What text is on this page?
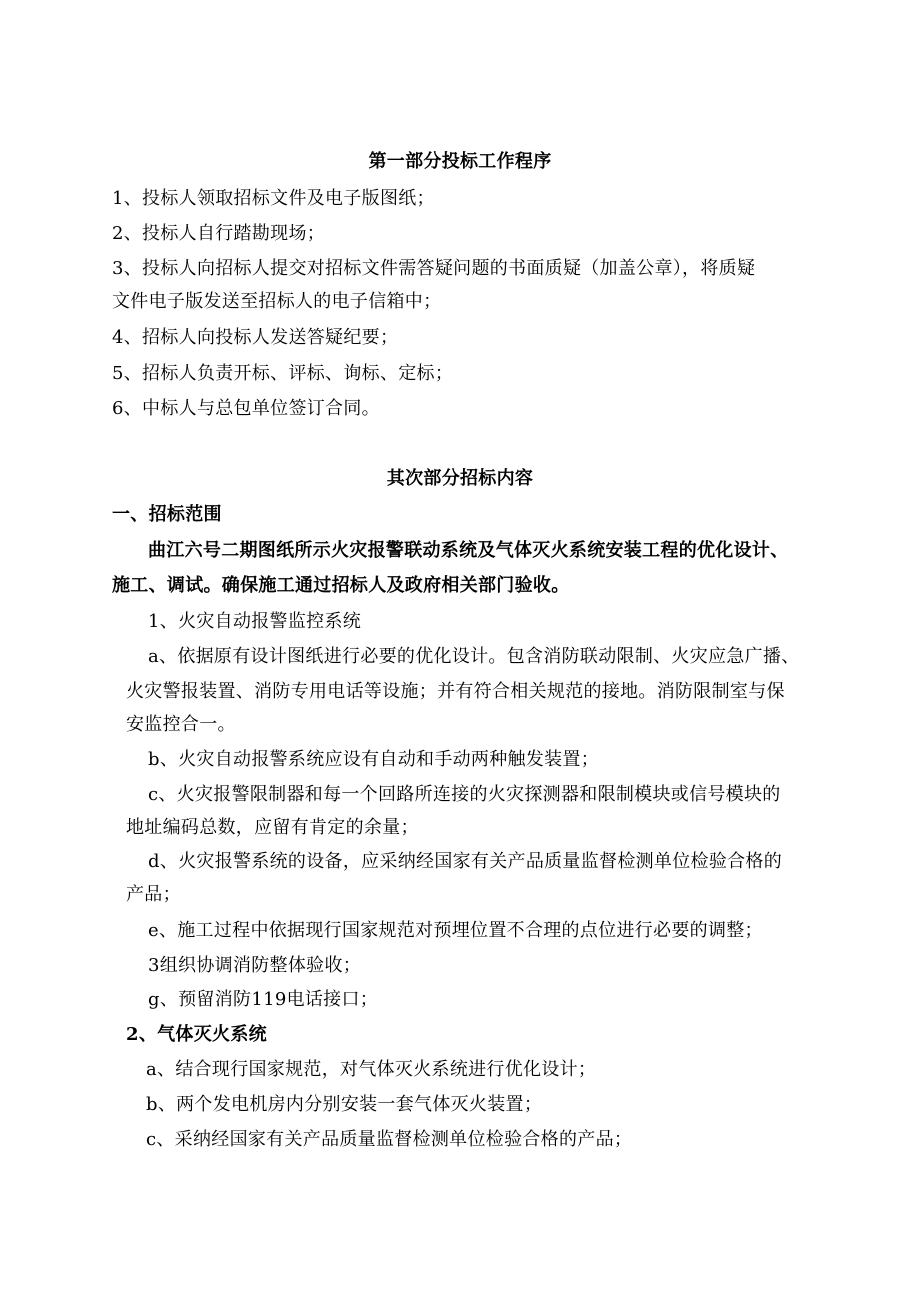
第一部分投标工作程序
1、投标人领取招标文件及电子版图纸；
2、投标人自行踏勘现场；
3、投标人向招标人提交对招标文件需答疑问题的书面质疑（加盖公章），将质疑
文件电子版发送至招标人的电子信箱中；
4、招标人向投标人发送答疑纪要；
5、招标人负责开标、评标、询标、定标；
6、中标人与总包单位签订合同。
其次部分招标内容
一、招标范围
曲江六号二期图纸所示火灾报警联动系统及气体灭火系统安装工程的优化设计、
施工、调试。确保施工通过招标人及政府相关部门验收。
1、火灾自动报警监控系统
a、依据原有设计图纸进行必要的优化设计。包含消防联动限制、火灾应急广播、
火灾警报装置、消防专用电话等设施；并有符合相关规范的接地。消防限制室与保
安监控合一。
b、火灾自动报警系统应设有自动和手动两种触发装置；
c、火灾报警限制器和每一个回路所连接的火灾探测器和限制模块或信号模块的
地址编码总数，应留有肯定的余量；
d、火灾报警系统的设备，应采纳经国家有关产品质量监督检测单位检验合格的
产品；
e、施工过程中依据现行国家规范对预埋位置不合理的点位进行必要的调整；
3组织协调消防整体验收；
g、预留消防119电话接口；
2、气体灭火系统
a、结合现行国家规范，对气体灭火系统进行优化设计；
b、两个发电机房内分别安装一套气体灭火装置；
c、采纳经国家有关产品质量监督检测单位检验合格的产品；
